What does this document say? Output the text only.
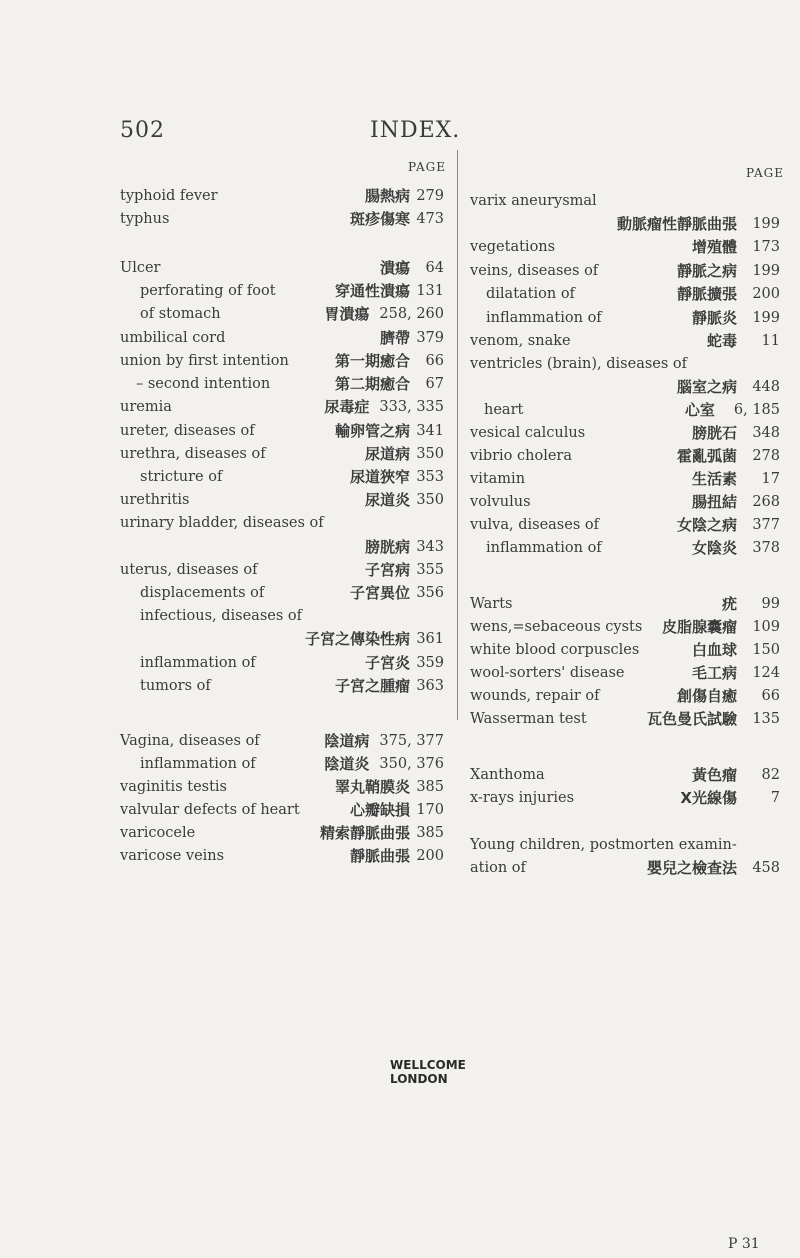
502	INDEX.
PAGE	PAGE
typhoid fever	腸熱病 279
typhus	斑疹傷寒 473
Ulcer	潰瘍 64
perforating of foot	穿通性潰瘍 131
of stomach	胃潰瘍 258, 260
umbilical cord	臍帶 379
union by first intention	第一期癒合 66
– second intention	第二期癒合 67
uremia	尿毒症 333, 335
ureter, diseases of	輸卵管之病 341
urethra, diseases of	尿道病 350
stricture of	尿道狹窄 353
urethritis	尿道炎 350
urinary bladder, diseases of
膀胱病 343
uterus, diseases of	子宮病 355
displacements of	子宮異位 356
infectious, diseases of
子宮之傳染性病 361
inflammation of	子宮炎 359
tumors of	子宮之腫瘤 363
Vagina, diseases of	陰道病 375, 377
inflammation of	陰道炎 350, 376
vaginitis testis	睪丸鞘膜炎 385
valvular defects of heart	心瓣缺損 170
varicocele	精索靜脈曲張 385
varicose veins	靜脈曲張 200
varix aneurysmal
動脈瘤性靜脈曲張 199
vegetations	增殖體 173
veins, diseases of	靜脈之病 199
dilatation of	靜脈擴張 200
inflammation of	靜脈炎 199
venom, snake	蛇毒 11
ventricles (brain), diseases of
腦室之病 448
heart	心室 6, 185
vesical calculus	膀胱石 348
vibrio cholera	霍亂弧菌 278
vitamin	生活素 17
volvulus	腸扭結 268
vulva, diseases of	女陰之病 377
inflammation of	女陰炎 378
Warts	疣 99
wens,=sebaceous cysts 皮脂腺囊瘤 109
white blood corpuscles	白血球 150
wool-sorters' disease	毛工病 124
wounds, repair of	創傷自癒 66
Wasserman test	瓦色曼氏試驗 135
Xanthoma	黃色瘤 82
x-rays injuries	X光線傷 7
Young children, postmorten examin-
ation of	嬰兒之檢查法 458
WELLCOME
LONDON
P 31
